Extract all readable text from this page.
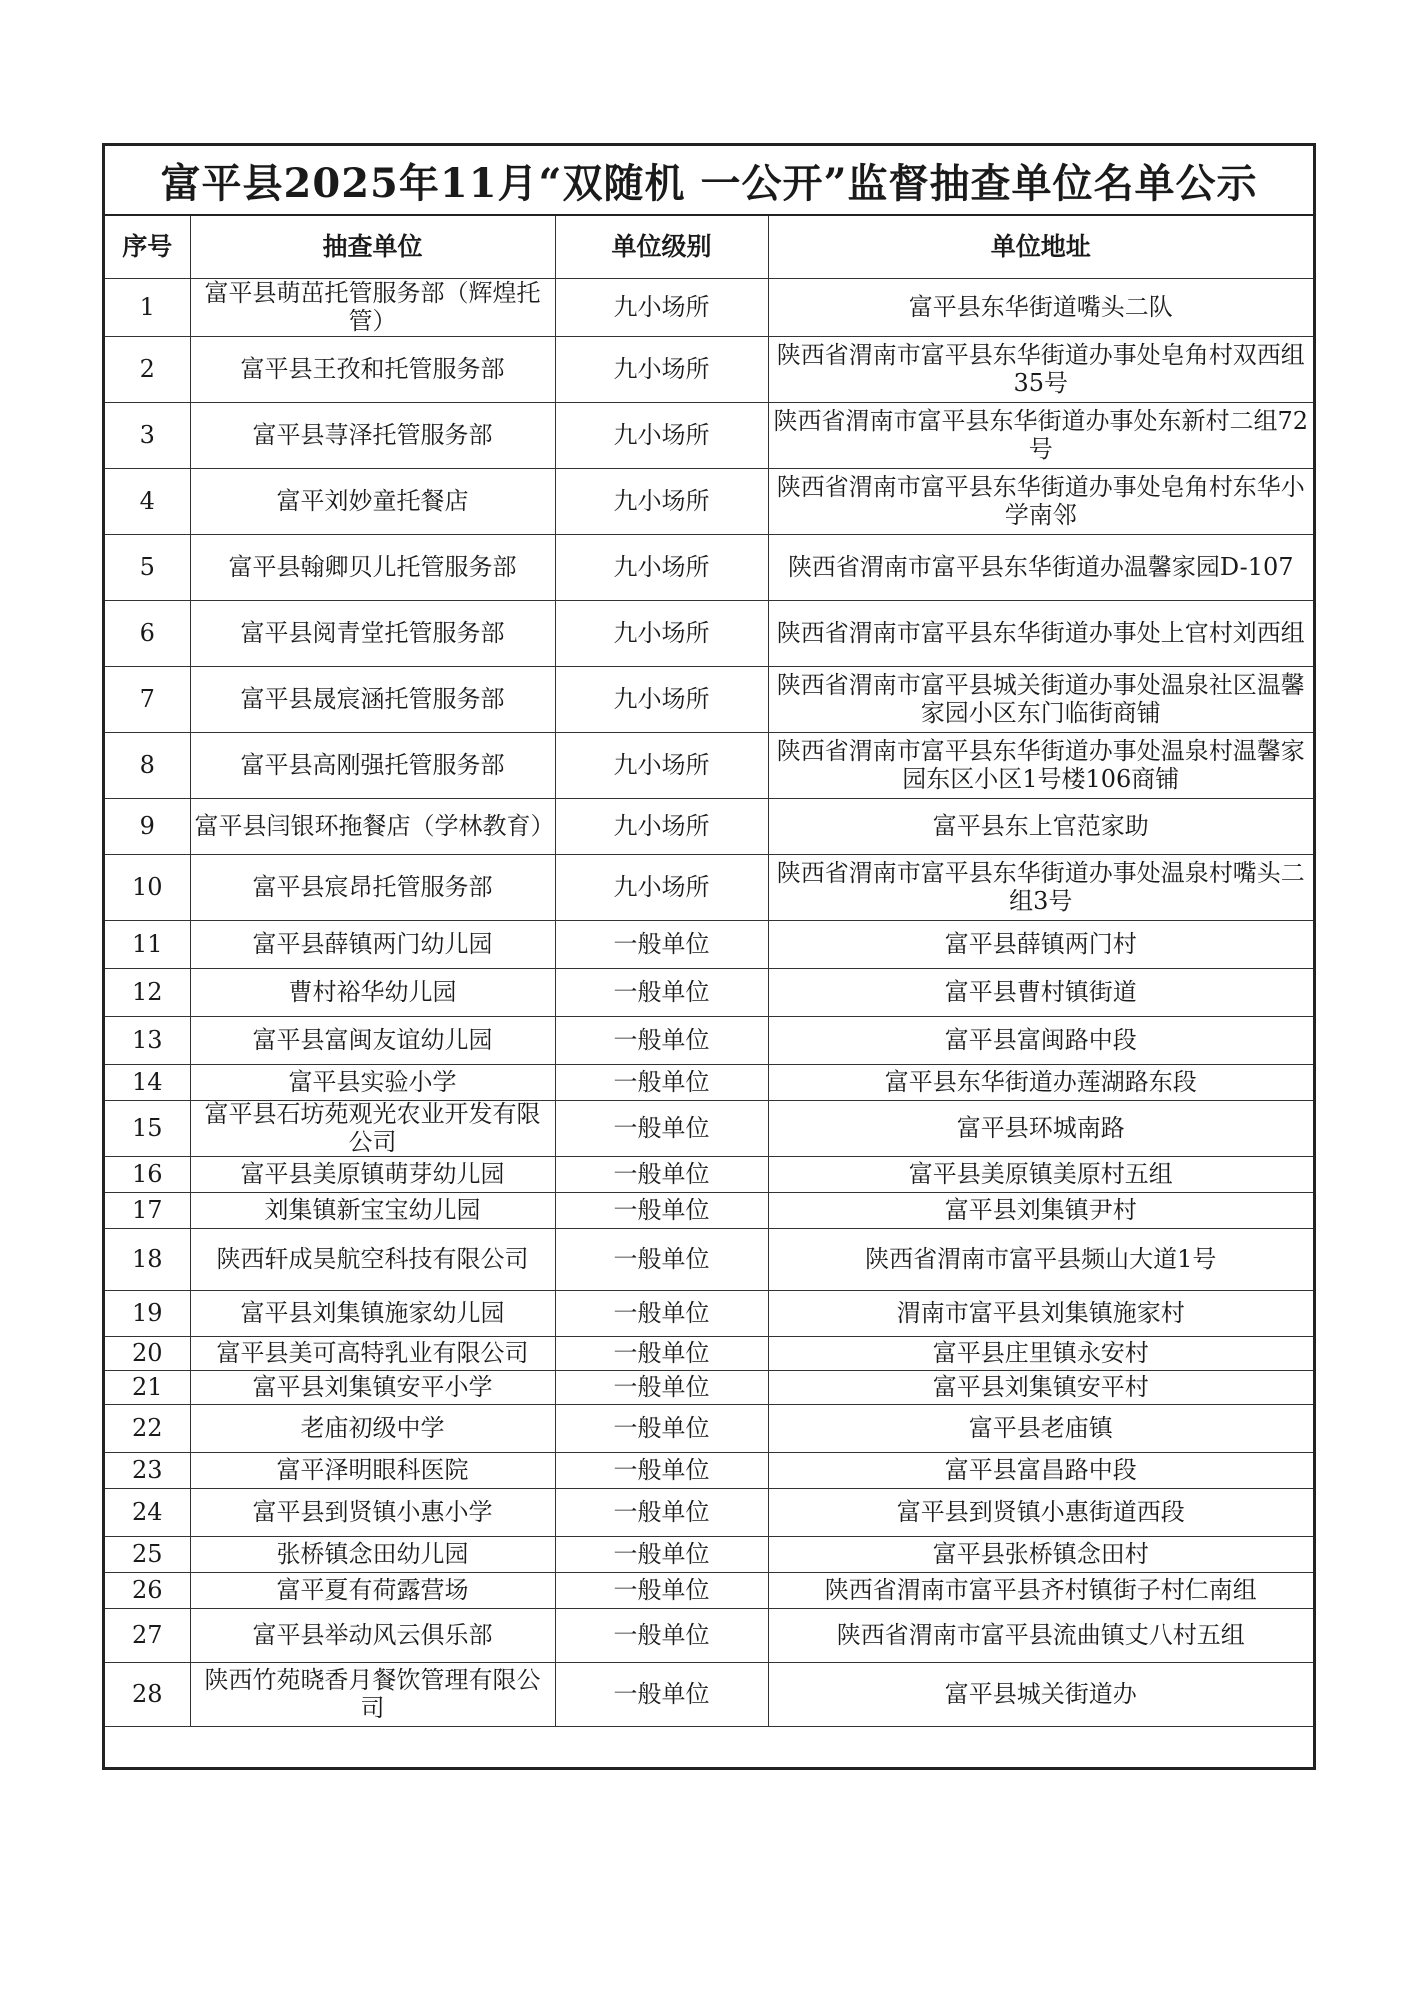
富平县2025年11月“双随机 一公开”监督抽查单位名单公示
序号	抽查单位	单位级别	单位地址
1	富平县萌茁托管服务部（辉煌托管）	九小场所	富平县东华街道嘴头二队
2	富平县王孜和托管服务部	九小场所	陕西省渭南市富平县东华街道办事处皂角村双西组35号
3	富平县荨泽托管服务部	九小场所	陕西省渭南市富平县东华街道办事处东新村二组72号
4	富平刘妙童托餐店	九小场所	陕西省渭南市富平县东华街道办事处皂角村东华小学南邻
5	富平县翰卿贝儿托管服务部	九小场所	陕西省渭南市富平县东华街道办温馨家园D-107
6	富平县阅青堂托管服务部	九小场所	陕西省渭南市富平县东华街道办事处上官村刘西组
7	富平县晟宸涵托管服务部	九小场所	陕西省渭南市富平县城关街道办事处温泉社区温馨家园小区东门临街商铺
8	富平县高刚强托管服务部	九小场所	陕西省渭南市富平县东华街道办事处温泉村温馨家园东区小区1号楼106商铺
9	富平县闫银环拖餐店（学林教育）	九小场所	富平县东上官范家助
10	富平县宸昂托管服务部	九小场所	陕西省渭南市富平县东华街道办事处温泉村嘴头二组3号
11	富平县薛镇两门幼儿园	一般单位	富平县薛镇两门村
12	曹村裕华幼儿园	一般单位	富平县曹村镇街道
13	富平县富闽友谊幼儿园	一般单位	富平县富闽路中段
14	富平县实验小学	一般单位	富平县东华街道办莲湖路东段
15	富平县石坊苑观光农业开发有限公司	一般单位	富平县环城南路
16	富平县美原镇萌芽幼儿园	一般单位	富平县美原镇美原村五组
17	刘集镇新宝宝幼儿园	一般单位	富平县刘集镇尹村
18	陕西轩成昊航空科技有限公司	一般单位	陕西省渭南市富平县频山大道1号
19	富平县刘集镇施家幼儿园	一般单位	渭南市富平县刘集镇施家村
20	富平县美可高特乳业有限公司	一般单位	富平县庄里镇永安村
21	富平县刘集镇安平小学	一般单位	富平县刘集镇安平村
22	老庙初级中学	一般单位	富平县老庙镇
23	富平泽明眼科医院	一般单位	富平县富昌路中段
24	富平县到贤镇小惠小学	一般单位	富平县到贤镇小惠街道西段
25	张桥镇念田幼儿园	一般单位	富平县张桥镇念田村
26	富平夏有荷露营场	一般单位	陕西省渭南市富平县齐村镇街子村仁南组
27	富平县举动风云俱乐部	一般单位	陕西省渭南市富平县流曲镇丈八村五组
28	陕西竹苑晓香月餐饮管理有限公司	一般单位	富平县城关街道办
